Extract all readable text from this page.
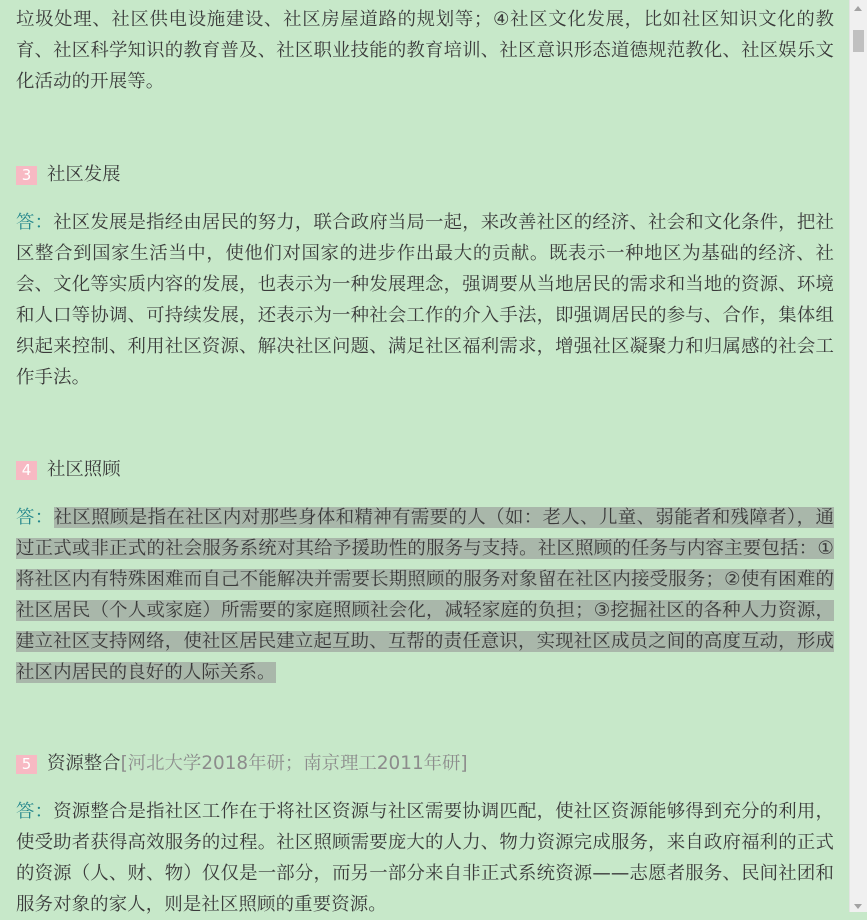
垃圾处理、社区供电设施建设、社区房屋道路的规划等；④社区文化发展，比如社区知识文化的教育、社区科学知识的教育普及、社区职业技能的教育培训、社区意识形态道德规范教化、社区娱乐文化活动的开展等。

3 社区发展

答：社区发展是指经由居民的努力，联合政府当局一起，来改善社区的经济、社会和文化条件，把社区整合到国家生活当中，使他们对国家的进步作出最大的贡献。既表示一种地区为基础的经济、社会、文化等实质内容的发展，也表示为一种发展理念，强调要从当地居民的需求和当地的资源、环境和人口等协调、可持续发展，还表示为一种社会工作的介入手法，即强调居民的参与、合作，集体组织起来控制、利用社区资源、解决社区问题、满足社区福利需求，增强社区凝聚力和归属感的社会工作手法。

4 社区照顾

答：社区照顾是指在社区内对那些身体和精神有需要的人（如：老人、儿童、弱能者和残障者），通过正式或非正式的社会服务系统对其给予援助性的服务与支持。社区照顾的任务与内容主要包括：①将社区内有特殊困难而自己不能解决并需要长期照顾的服务对象留在社区内接受服务；②使有困难的社区居民（个人或家庭）所需要的家庭照顾社会化，减轻家庭的负担；③挖掘社区的各种人力资源，建立社区支持网络，使社区居民建立起互助、互帮的责任意识，实现社区成员之间的高度互动，形成社区内居民的良好的人际关系。

5 资源整合 [河北大学2018年研；南京理工2011年研]

答：资源整合是指社区工作在于将社区资源与社区需要协调匹配，使社区资源能够得到充分的利用，使受助者获得高效服务的过程。社区照顾需要庞大的人力、物力资源完成服务，来自政府福利的正式的资源（人、财、物）仅仅是一部分，而另一部分来自非正式系统资源——志愿者服务、民间社团和服务对象的家人，则是社区照顾的重要资源。
